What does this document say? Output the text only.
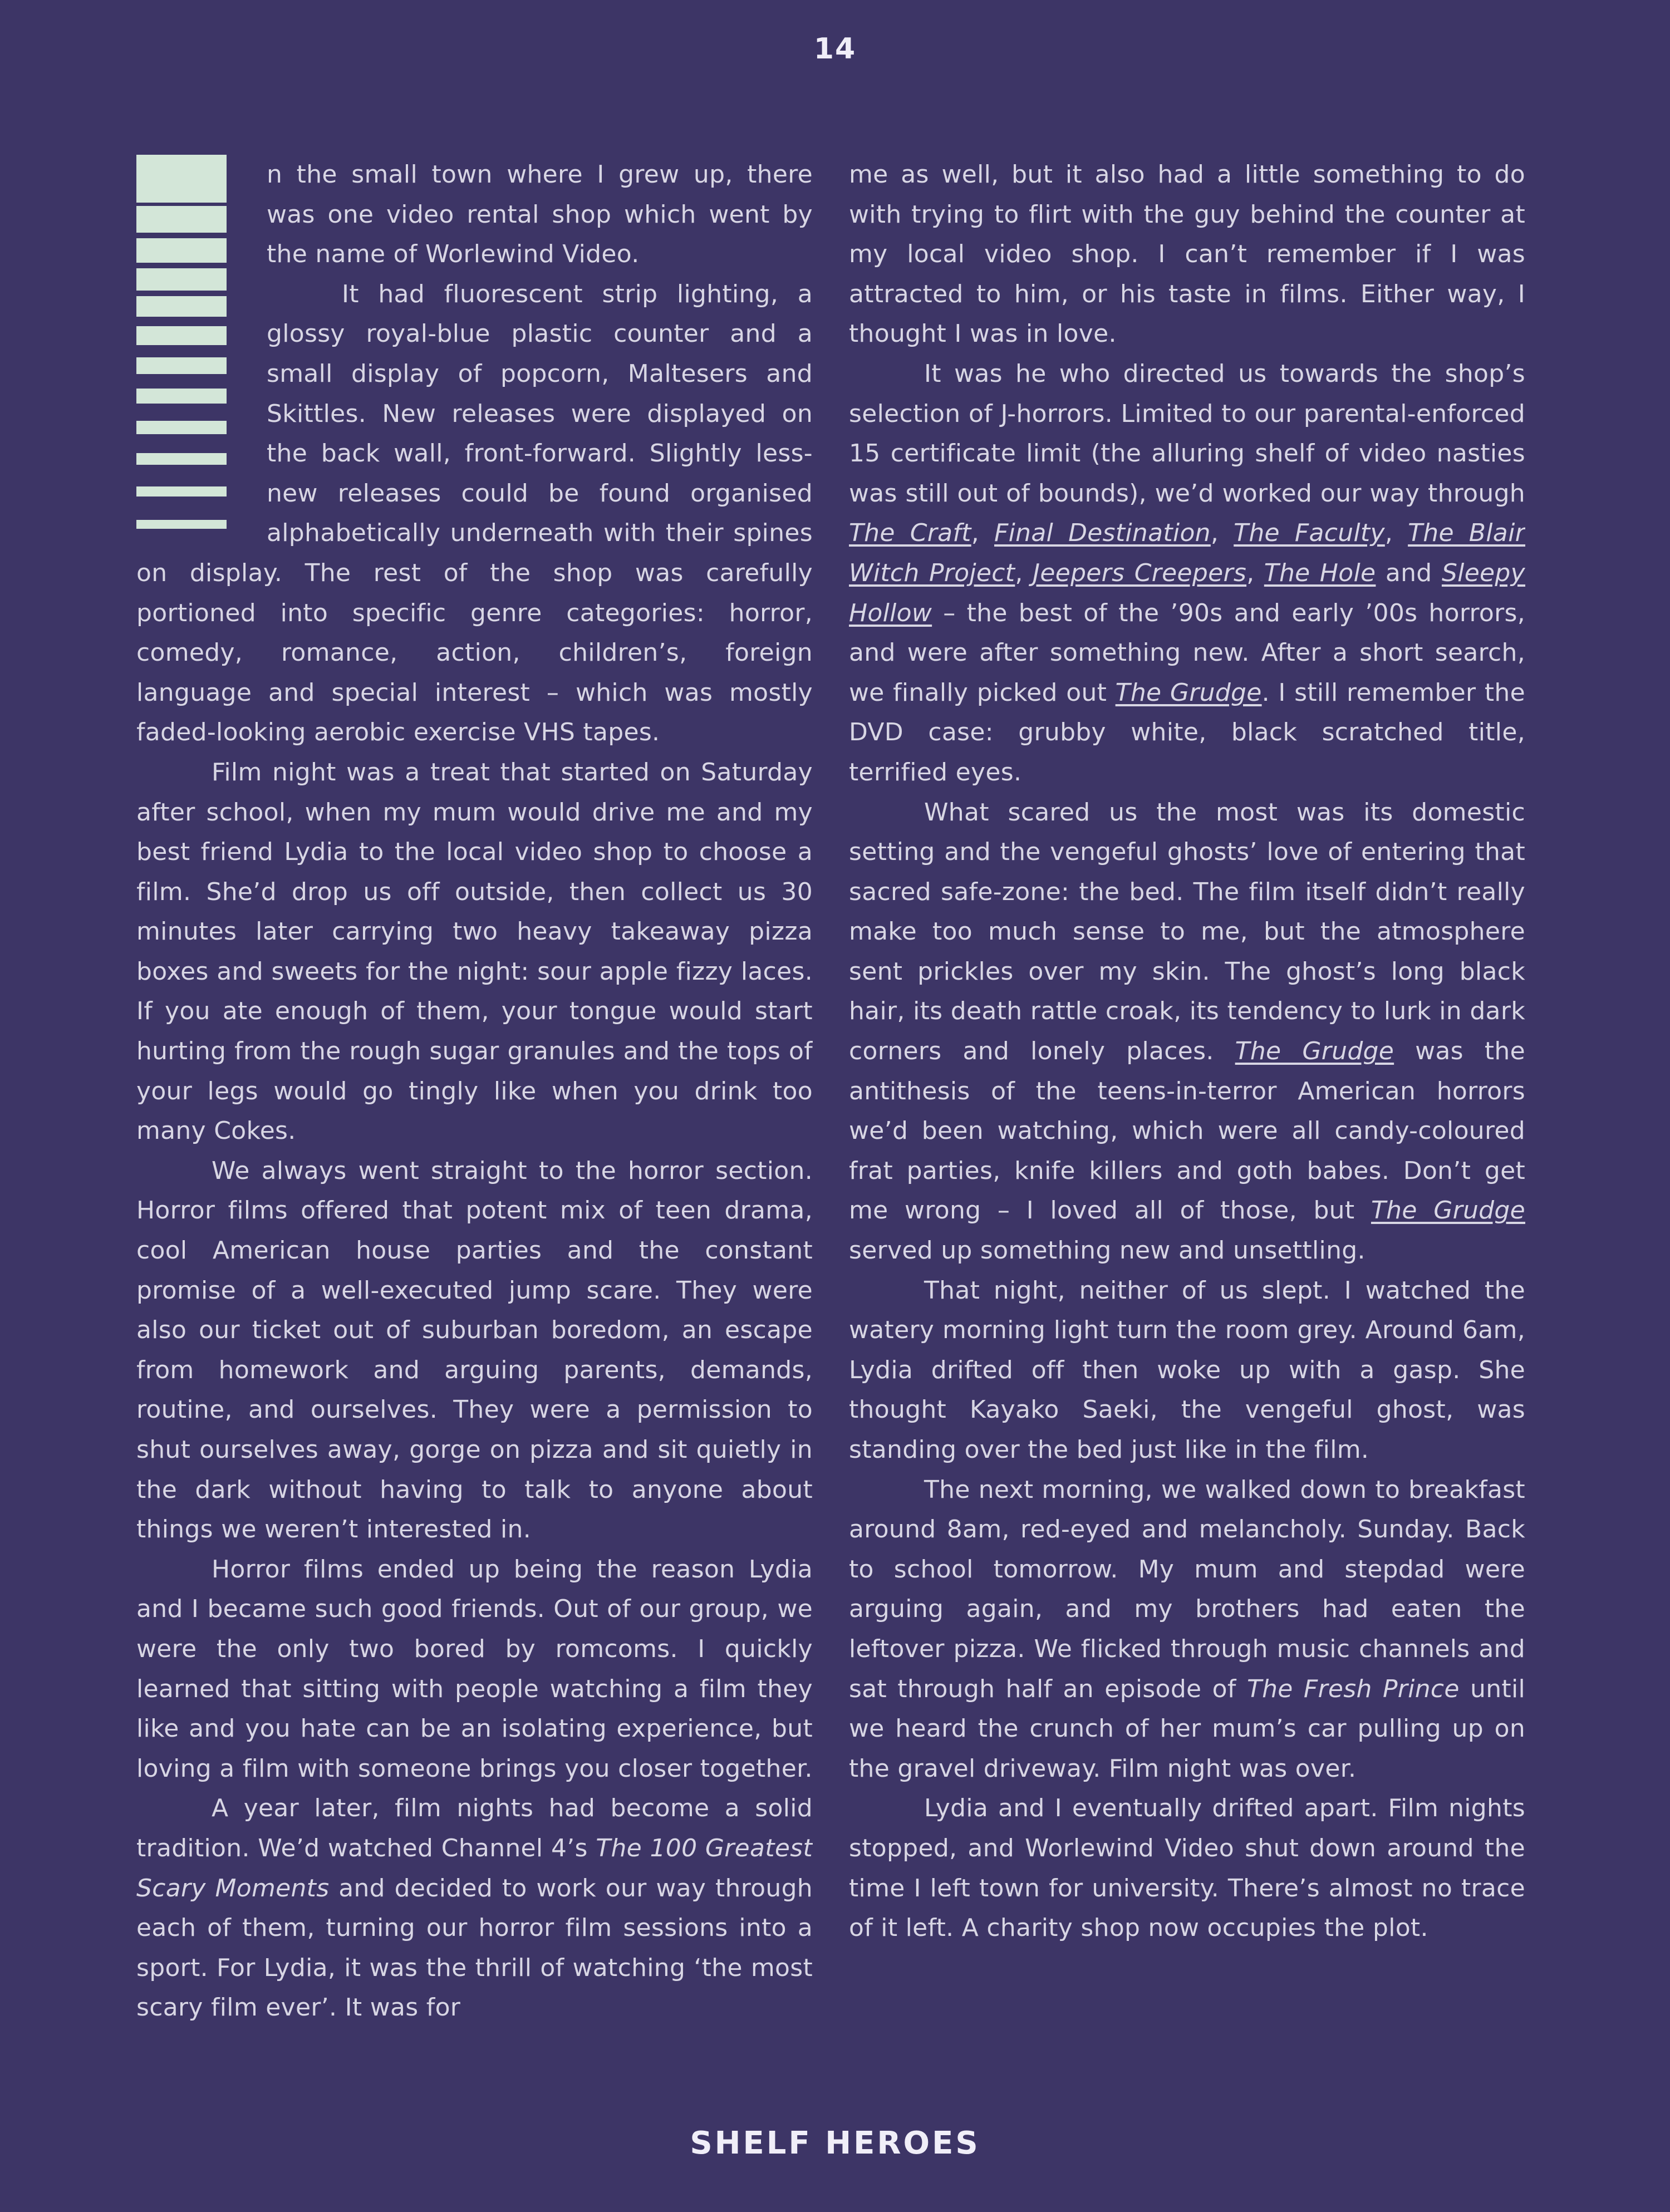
14

n the small town where I grew up, there was one video rental shop which went by the name of Worlewind Video.

It had fluorescent strip lighting, a glossy royal-blue plastic counter and a small display of popcorn, Maltesers and Skittles. New releases were displayed on the back wall, front-forward. Slightly less-new releases could be found organised alphabetically underneath with their spines on display. The rest of the shop was carefully portioned into specific genre categories: horror, comedy, romance, action, children’s, foreign language and special interest – which was mostly faded-looking aerobic exercise VHS tapes.

Film night was a treat that started on Saturday after school, when my mum would drive me and my best friend Lydia to the local video shop to choose a film. She’d drop us off outside, then collect us 30 minutes later carrying two heavy takeaway pizza boxes and sweets for the night: sour apple fizzy laces. If you ate enough of them, your tongue would start hurting from the rough sugar granules and the tops of your legs would go tingly like when you drink too many Cokes.

We always went straight to the horror section. Horror films offered that potent mix of teen drama, cool American house parties and the constant promise of a well-executed jump scare. They were also our ticket out of suburban boredom, an escape from homework and arguing parents, demands, routine, and ourselves. They were a permission to shut ourselves away, gorge on pizza and sit quietly in the dark without having to talk to anyone about things we weren’t interested in.

Horror films ended up being the reason Lydia and I became such good friends. Out of our group, we were the only two bored by romcoms. I quickly learned that sitting with people watching a film they like and you hate can be an isolating experience, but loving a film with someone brings you closer together.

A year later, film nights had become a solid tradition. We’d watched Channel 4’s The 100 Greatest Scary Moments and decided to work our way through each of them, turning our horror film sessions into a sport. For Lydia, it was the thrill of watching ‘the most scary film ever’. It was for

me as well, but it also had a little something to do with trying to flirt with the guy behind the counter at my local video shop. I can’t remember if I was attracted to him, or his taste in films. Either way, I thought I was in love.

It was he who directed us towards the shop’s selection of J-horrors. Limited to our parental-enforced 15 certificate limit (the alluring shelf of video nasties was still out of bounds), we’d worked our way through The Craft, Final Destination, The Faculty, The Blair Witch Project, Jeepers Creepers, The Hole and Sleepy Hollow – the best of the ’90s and early ’00s horrors, and were after something new. After a short search, we finally picked out The Grudge. I still remember the DVD case: grubby white, black scratched title, terrified eyes.

What scared us the most was its domestic setting and the vengeful ghosts’ love of entering that sacred safe-zone: the bed. The film itself didn’t really make too much sense to me, but the atmosphere sent prickles over my skin. The ghost’s long black hair, its death rattle croak, its tendency to lurk in dark corners and lonely places. The Grudge was the antithesis of the teens-in-terror American horrors we’d been watching, which were all candy-coloured frat parties, knife killers and goth babes. Don’t get me wrong – I loved all of those, but The Grudge served up something new and unsettling.

That night, neither of us slept. I watched the watery morning light turn the room grey. Around 6am, Lydia drifted off then woke up with a gasp. She thought Kayako Saeki, the vengeful ghost, was standing over the bed just like in the film.

The next morning, we walked down to breakfast around 8am, red-eyed and melancholy. Sunday. Back to school tomorrow. My mum and stepdad were arguing again, and my brothers had eaten the leftover pizza. We flicked through music channels and sat through half an episode of The Fresh Prince until we heard the crunch of her mum’s car pulling up on the gravel driveway. Film night was over.

Lydia and I eventually drifted apart. Film nights stopped, and Worlewind Video shut down around the time I left town for university. There’s almost no trace of it left. A charity shop now occupies the plot.

SHELF HEROES
